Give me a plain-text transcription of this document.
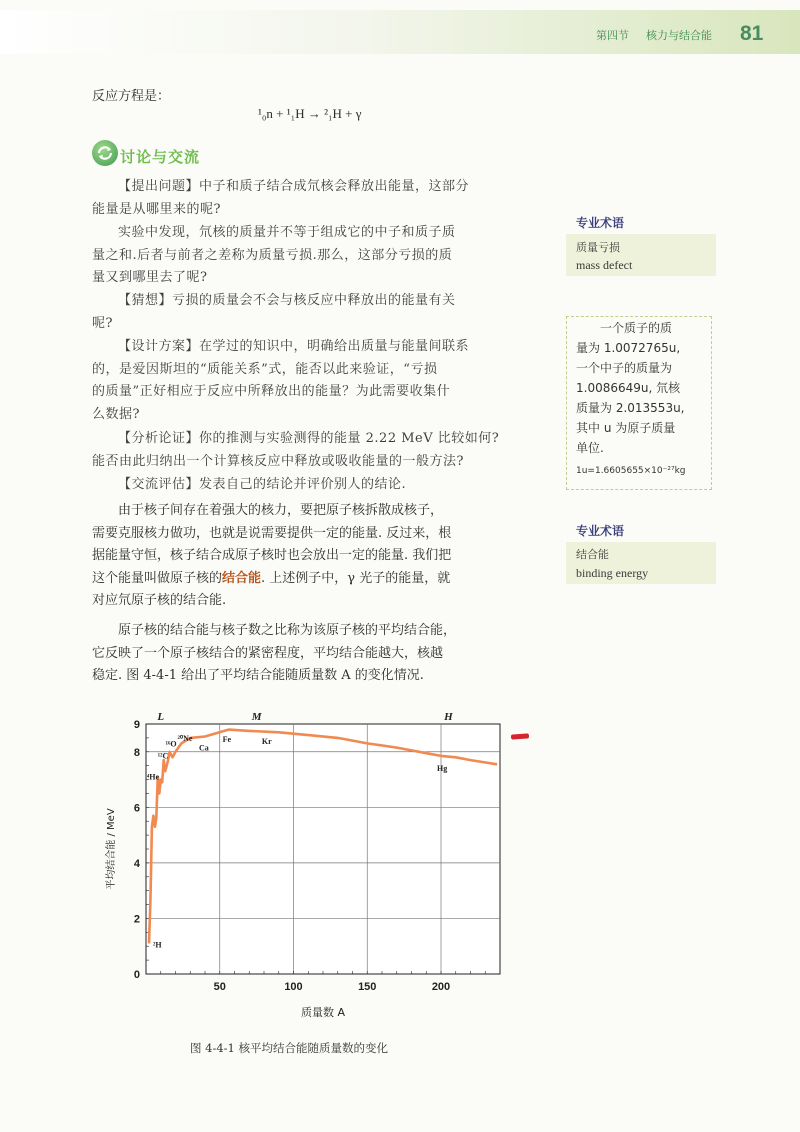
第四节 核力与结合能 81
反应方程是：
¹₀n + ¹₁H → ²₁H + γ
讨论与交流
【提出问题】中子和质子结合成氘核会释放出能量，这部分
能量是从哪里来的呢?
实验中发现，氘核的质量并不等于组成它的中子和质子质
量之和.后者与前者之差称为质量亏损.那么，这部分亏损的质
量又到哪里去了呢?
【猜想】亏损的质量会不会与核反应中释放出的能量有关
呢?
【设计方案】在学过的知识中，明确给出质量与能量间联系
的，是爱因斯坦的“质能关系”式，能否以此来验证，“亏损
的质量”正好相应于反应中所释放出的能量？为此需要收集什
么数据?
【分析论证】你的推测与实验测得的能量 2.22 MeV 比较如何?
能否由此归纳出一个计算核反应中释放或吸收能量的一般方法?
【交流评估】发表自己的结论并评价别人的结论.
由于核子间存在着强大的核力，要把原子核拆散成核子，
需要克服核力做功，也就是说需要提供一定的能量. 反过来，根
据能量守恒，核子结合成原子核时也会放出一定的能量. 我们把
这个能量叫做原子核的结合能. 上述例子中，γ 光子的能量，就
对应氘原子核的结合能.
原子核的结合能与核子数之比称为该原子核的平均结合能，
它反映了一个原子核结合的紧密程度，平均结合能越大，核越
稳定. 图 4-4-1 给出了平均结合能随质量数 A 的变化情况.
专业术语
质量亏损
mass defect
一个质子的质
量为 1.0072765u,
一个中子的质量为
1.0086649u, 氘核
质量为 2.013553u,
其中 u 为原子质量
单位.
1u=1.6605655×10⁻²⁷kg
专业术语
结合能
binding energy
50	100	150	200
0
2
4
6
8
9
L	M	H
质量数 A
平均结合能 / MeV
²H
⁴He
¹²C
¹⁶O
²⁰Ne
Ca
Fe	Kr
Hg
图 4-4-1 核平均结合能随质量数的变化
